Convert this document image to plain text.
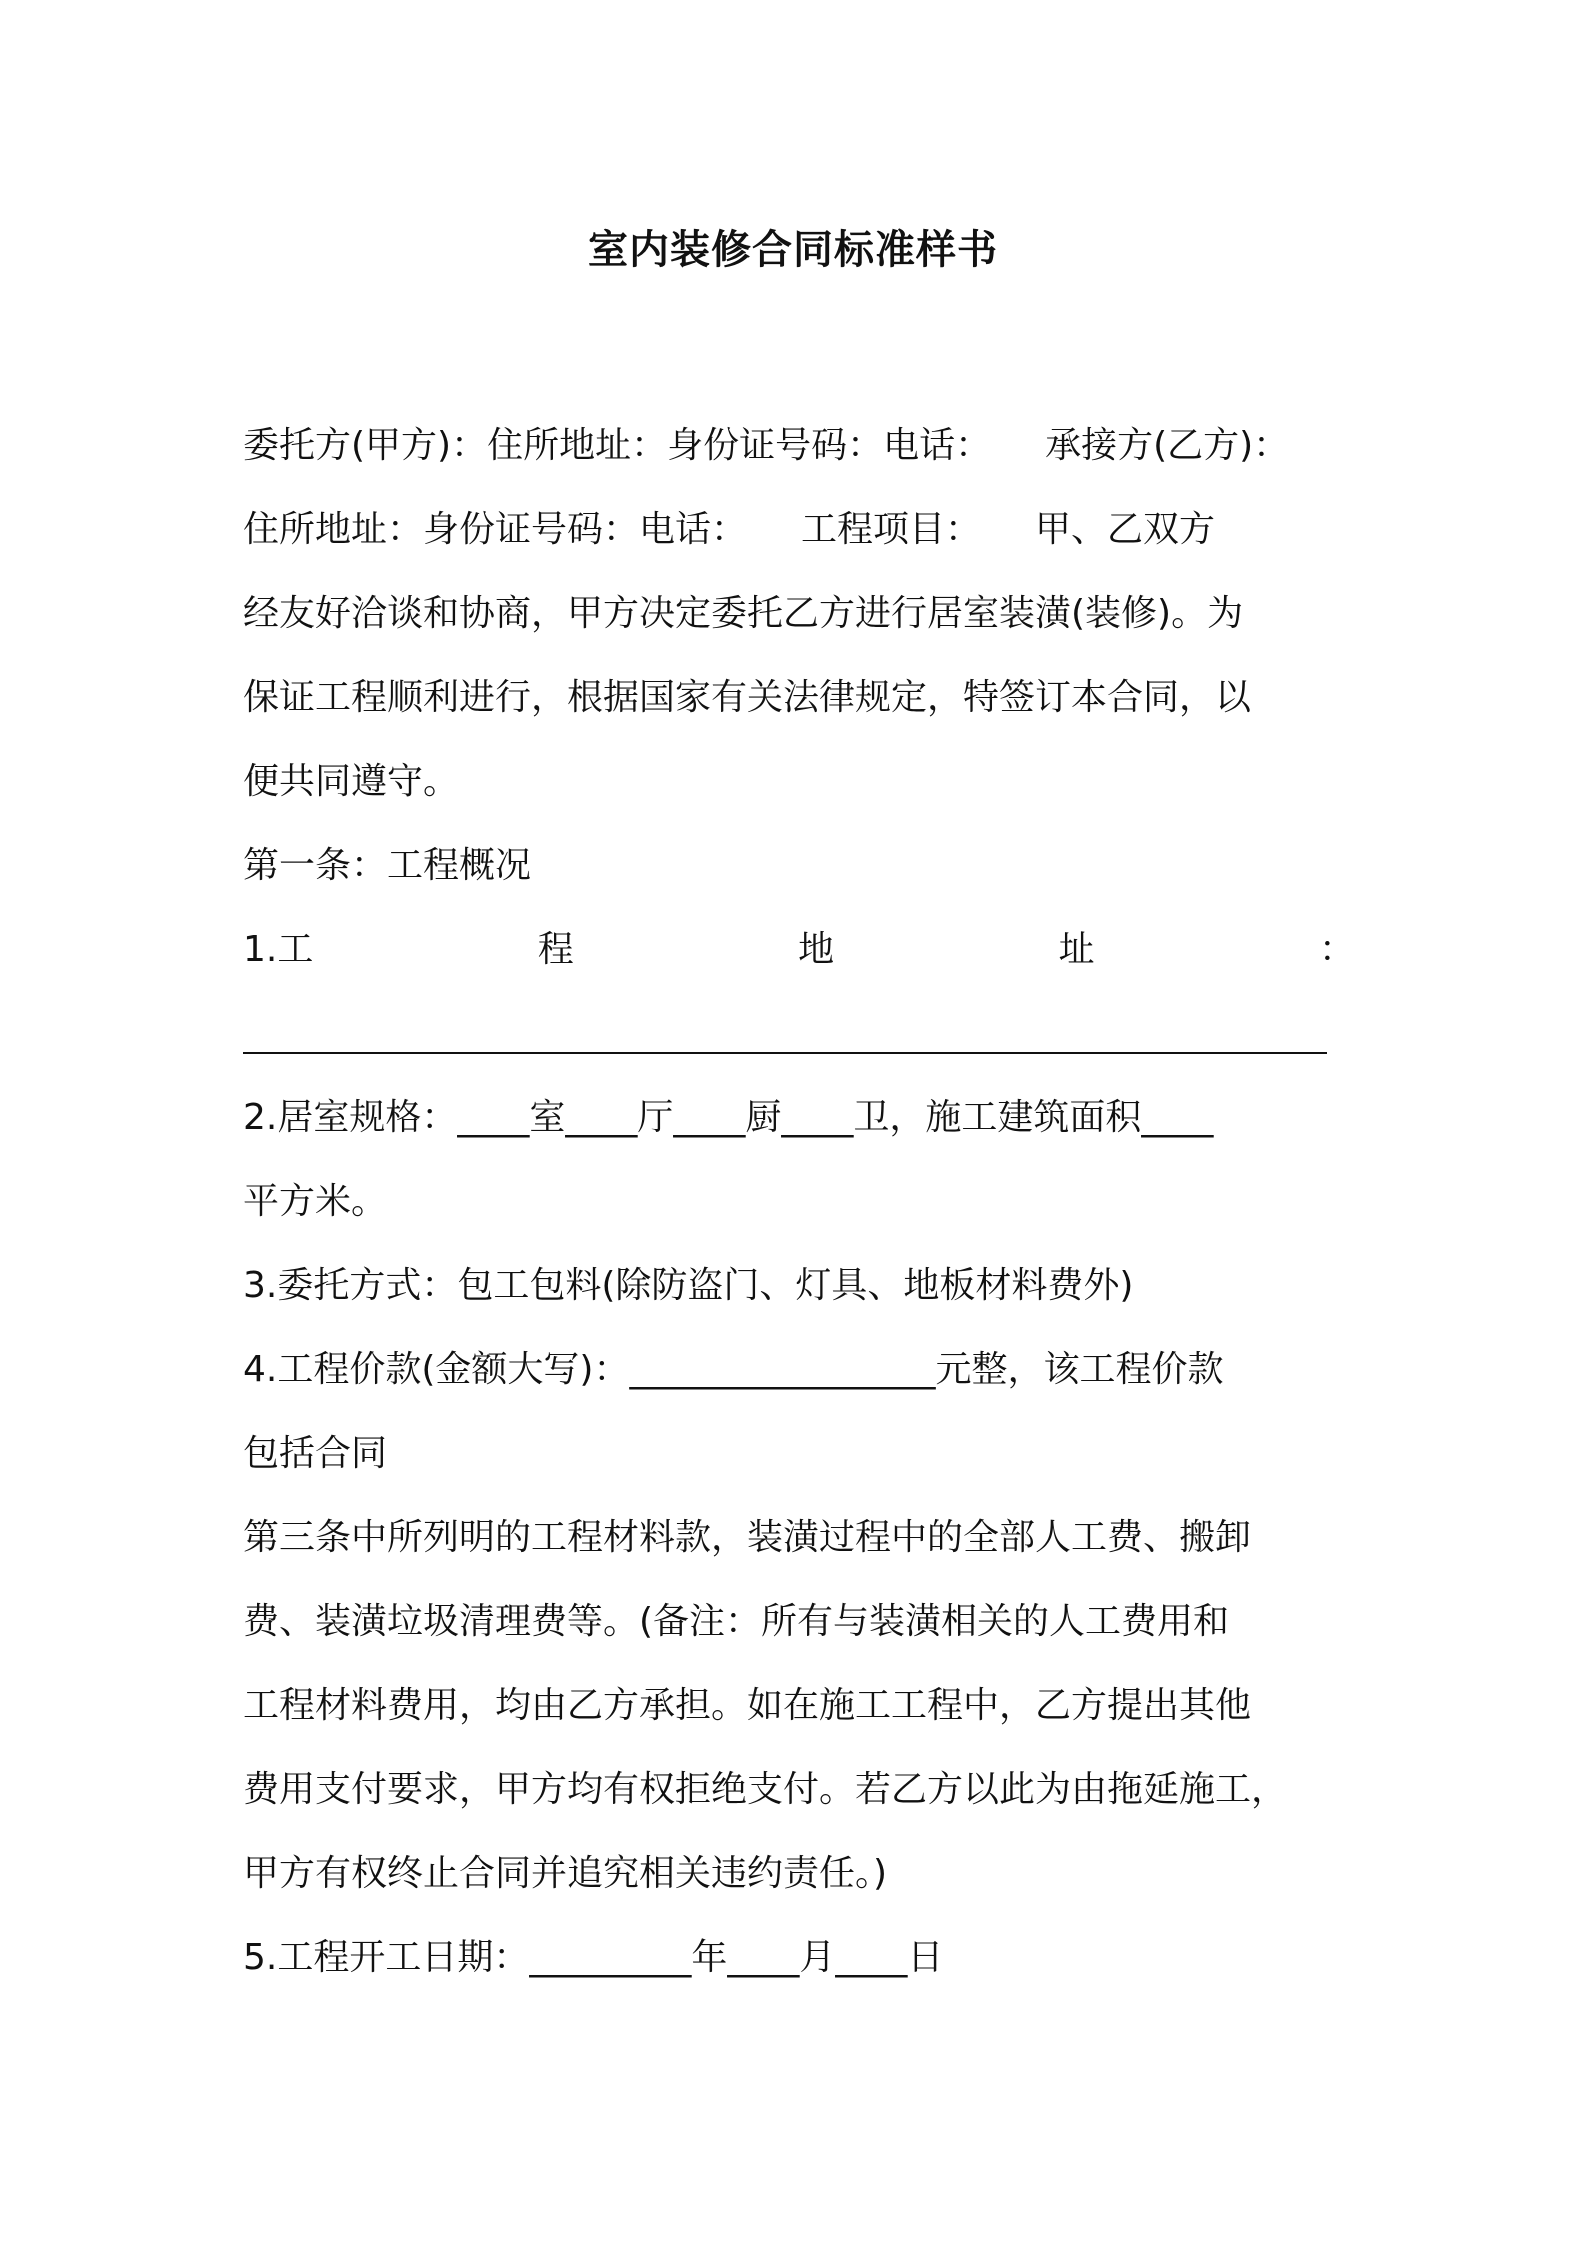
室内装修合同标准样书
委托方(甲方)：住所地址：身份证号码：电话：　　承接方(乙方)：
住所地址：身份证号码：电话：　　工程项目：　　甲、乙双方
经友好洽谈和协商，甲方决定委托乙方进行居室装潢(装修)。为
保证工程顺利进行，根据国家有关法律规定，特签订本合同，以
便共同遵守。
第一条：工程概况
1.工	程	地	址	：
2.居室规格：____室____厅____厨____卫，施工建筑面积____
平方米。
3.委托方式：包工包料(除防盗门、灯具、地板材料费外)
4.工程价款(金额大写)：_________________元整，该工程价款
包括合同
第三条中所列明的工程材料款，装潢过程中的全部人工费、搬卸
费、装潢垃圾清理费等。(备注：所有与装潢相关的人工费用和
工程材料费用，均由乙方承担。如在施工工程中，乙方提出其他
费用支付要求，甲方均有权拒绝支付。若乙方以此为由拖延施工，
甲方有权终止合同并追究相关违约责任。)
5.工程开工日期：_________年____月____日
